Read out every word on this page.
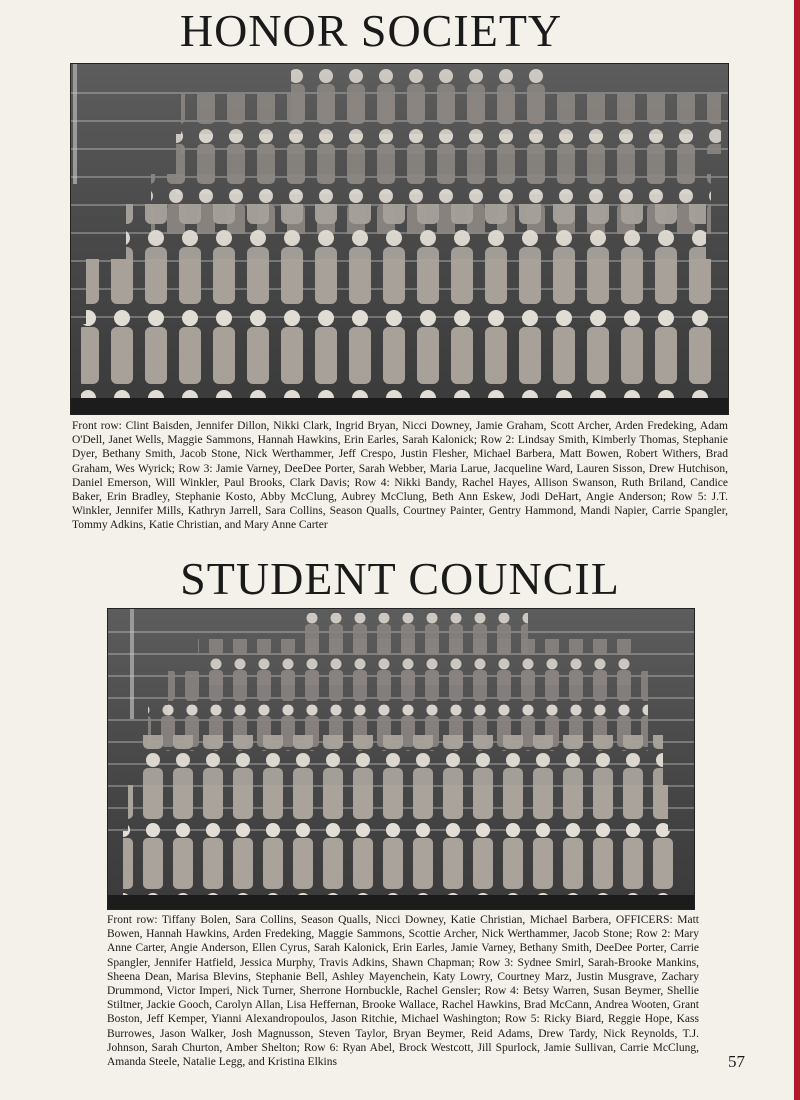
HONOR SOCIETY

Front row: Clint Baisden, Jennifer Dillon, Nikki Clark, Ingrid Bryan, Nicci Downey, Jamie Graham, Scott Archer, Arden Fredeking, Adam O'Dell, Janet Wells, Maggie Sammons, Hannah Hawkins, Erin Earles, Sarah Kalonick; Row 2: Lindsay Smith, Kimberly Thomas, Stephanie Dyer, Bethany Smith, Jacob Stone, Nick Werthammer, Jeff Crespo, Justin Flesher, Michael Barbera, Matt Bowen, Robert Withers, Brad Graham, Wes Wyrick; Row 3: Jamie Varney, DeeDee Porter, Sarah Webber, Maria Larue, Jacqueline Ward, Lauren Sisson, Drew Hutchison, Daniel Emerson, Will Winkler, Paul Brooks, Clark Davis; Row 4: Nikki Bandy, Rachel Hayes, Allison Swanson, Ruth Briland, Candice Baker, Erin Bradley, Stephanie Kosto, Abby McClung, Aubrey McClung, Beth Ann Eskew, Jodi DeHart, Angie Anderson; Row 5: J.T. Winkler, Jennifer Mills, Kathryn Jarrell, Sara Collins, Season Qualls, Courtney Painter, Gentry Hammond, Mandi Napier, Carrie Spangler, Tommy Adkins, Katie Christian, and Mary Anne Carter

STUDENT COUNCIL

Front row: Tiffany Bolen, Sara Collins, Season Qualls, Nicci Downey, Katie Christian, Michael Barbera, OFFICERS: Matt Bowen, Hannah Hawkins, Arden Fredeking, Maggie Sammons, Scottie Archer, Nick Werthammer, Jacob Stone; Row 2: Mary Anne Carter, Angie Anderson, Ellen Cyrus, Sarah Kalonick, Erin Earles, Jamie Varney, Bethany Smith, DeeDee Porter, Carrie Spangler, Jennifer Hatfield, Jessica Murphy, Travis Adkins, Shawn Chapman; Row 3: Sydnee Smirl, Sarah-Brooke Mankins, Sheena Dean, Marisa Blevins, Stephanie Bell, Ashley Mayenchein, Katy Lowry, Courtney Marz, Justin Musgrave, Zachary Drummond, Victor Imperi, Nick Turner, Sherrone Hornbuckle, Rachel Gensler; Row 4: Betsy Warren, Susan Beymer, Shellie Stiltner, Jackie Gooch, Carolyn Allan, Lisa Heffernan, Brooke Wallace, Rachel Hawkins, Brad McCann, Andrea Wooten, Grant Boston, Jeff Kemper, Yianni Alexandropoulos, Jason Ritchie, Michael Washington; Row 5: Ricky Biard, Reggie Hope, Kass Burrowes, Jason Walker, Josh Magnusson, Steven Taylor, Bryan Beymer, Reid Adams, Drew Tardy, Nick Reynolds, T.J. Johnson, Sarah Churton, Amber Shelton; Row 6: Ryan Abel, Brock Westcott, Jill Spurlock, Jamie Sullivan, Carrie McClung, Amanda Steele, Natalie Legg, and Kristina Elkins	57
